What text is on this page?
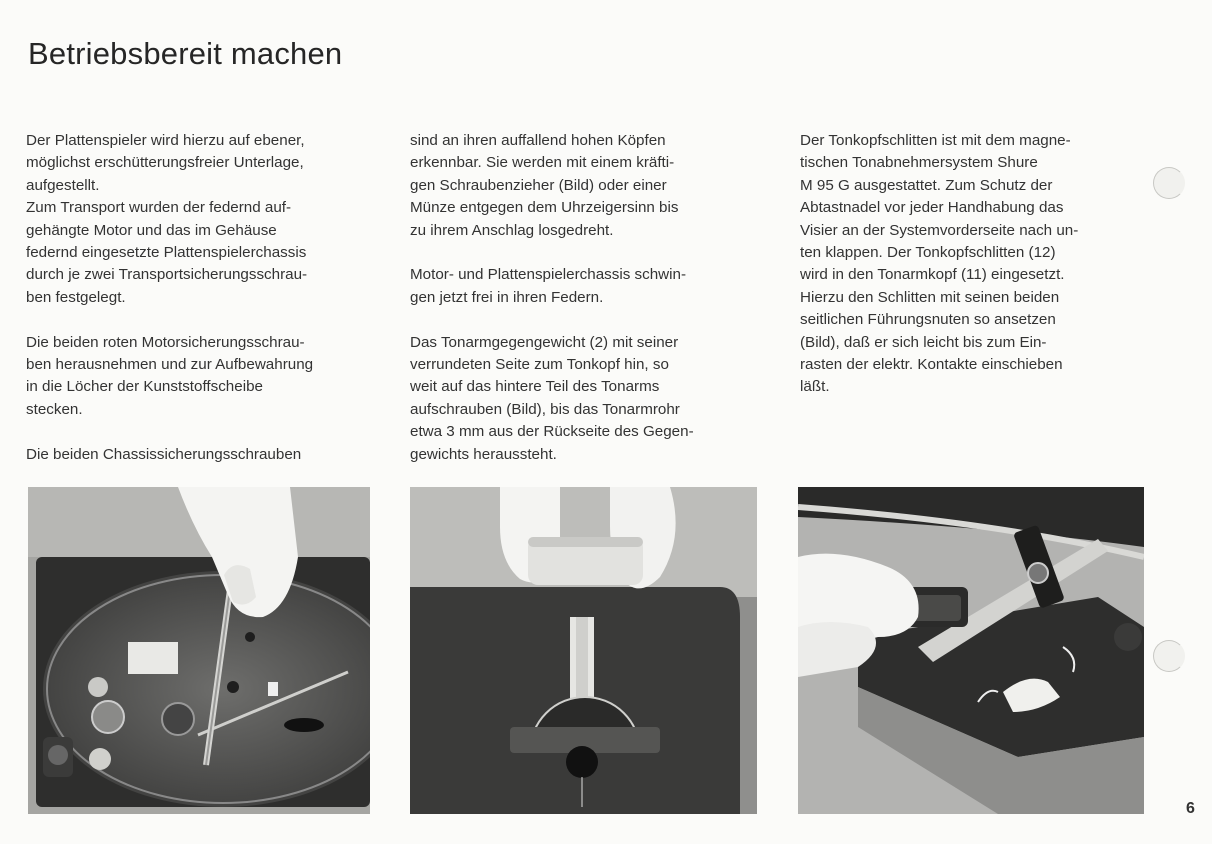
Betriebsbereit machen

Der Plattenspieler wird hierzu auf ebener,
möglichst erschütterungsfreier Unterlage,
aufgestellt.
Zum Transport wurden der federnd auf-
gehängte Motor und das im Gehäuse
federnd eingesetzte Plattenspielerchassis
durch je zwei Transportsicherungsschrau-
ben festgelegt.

Die beiden roten Motorsicherungsschrau-
ben herausnehmen und zur Aufbewahrung
in die Löcher der Kunststoffscheibe
stecken.

Die beiden Chassissicherungsschrauben

sind an ihren auffallend hohen Köpfen
erkennbar. Sie werden mit einem kräfti-
gen Schraubenzieher (Bild) oder einer
Münze entgegen dem Uhrzeigersinn bis
zu ihrem Anschlag losgedreht.

Motor- und Plattenspielerchassis schwin-
gen jetzt frei in ihren Federn.

Das Tonarmgegengewicht (2) mit seiner
verrundeten Seite zum Tonkopf hin, so
weit auf das hintere Teil des Tonarms
aufschrauben (Bild), bis das Tonarmrohr
etwa 3 mm aus der Rückseite des Gegen-
gewichts heraussteht.

Der Tonkopfschlitten ist mit dem magne-
tischen Tonabnehmersystem Shure
M 95 G ausgestattet. Zum Schutz der
Abtastnadel vor jeder Handhabung das
Visier an der Systemvorderseite nach un-
ten klappen. Der Tonkopfschlitten (12)
wird in den Tonarmkopf (11) eingesetzt.
Hierzu den Schlitten mit seinen beiden
seitlichen Führungsnuten so ansetzen
(Bild), daß er sich leicht bis zum Ein-
rasten der elektr. Kontakte einschieben
läßt.

6
